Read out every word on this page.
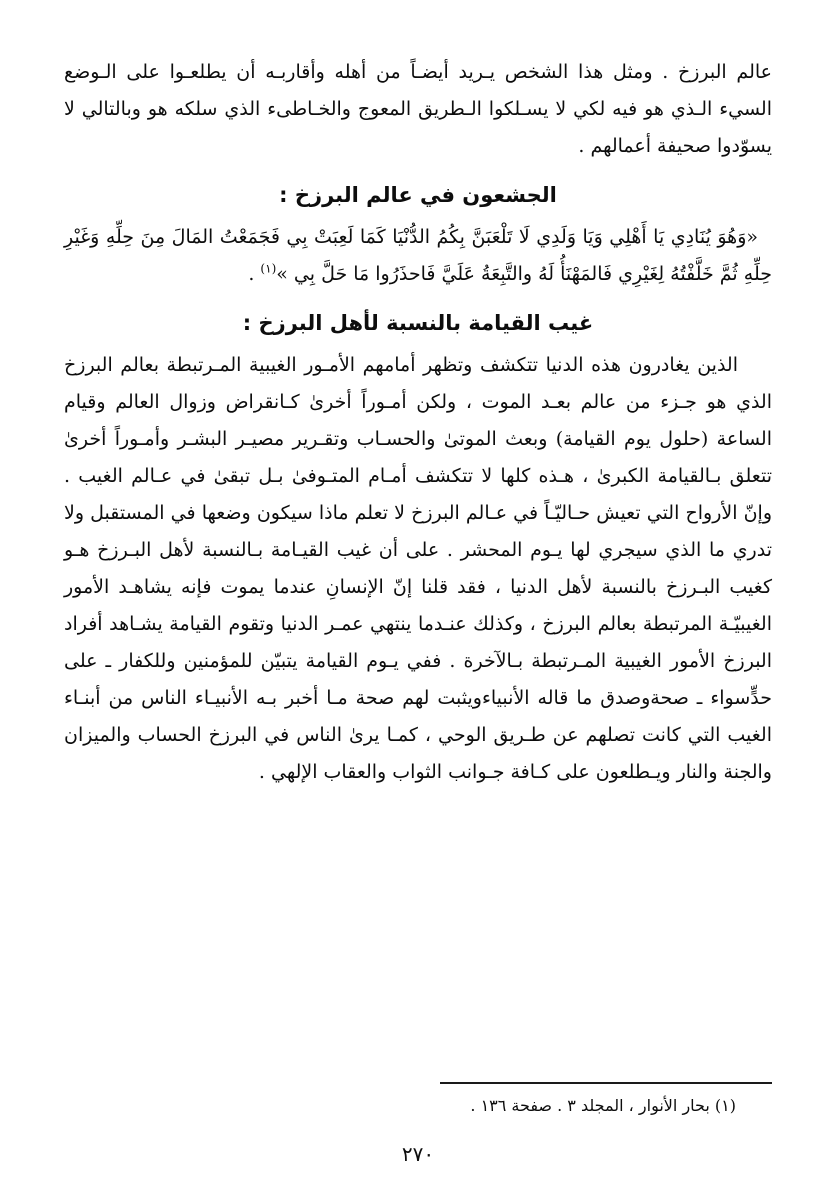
عالم البرزخ . ومثل هذا الشخص يـريد أيضـاً من أهله وأقاربـه أن يطلعـوا على الـوضع السيء الـذي هو فيه لكي لا يسـلكوا الـطريق المعوج والخـاطىء الذي سلكه هو وبالتالي لا يسوّدوا صحيفة أعمالهم .

الجشعون في عالم البرزخ :

«وَهُوَ يُنَادِي يَا أَهْلِي وَيَا وَلَدِي لَا تَلْعَبَنَّ بِكُمُ الدُّنْيَا كَمَا لَعِبَتْ بِي فَجَمَعْتُ المَالَ مِنَ حِلِّهِ وَغَيْرِ حِلِّهِ ثُمَّ خَلَّفْتُهُ لِغَيْرِي فَالمَهْنَأُ لَهُ والتَّبِعَةُ عَلَيَّ فَاحذَرُوا مَا حَلَّ بِي »$^{(١)}$ .

غيب القيامة بالنسبة لأهل البرزخ :

الذين يغادرون هذه الدنيا تتكشف وتظهر أمامهم الأمـور الغيبية المـرتبطة بعالم البرزخ الذي هو جـزء من عالم بعـد الموت ، ولكن أمـوراً أخرىٰ كـانقراض وزوال العالم وقيام الساعة (حلول يوم القيامة) وبعث الموتىٰ والحسـاب وتقـرير مصيـر البشـر وأمـوراً أخرىٰ تتعلق بـالقيامة الكبرىٰ ، هـذه كلها لا تتكشف أمـام المتـوفىٰ بـل تبقىٰ في عـالم الغيب . وإنّ الأرواح التي تعيش حـاليّـاً في عـالم البرزخ لا تعلم ماذا سيكون وضعها في المستقبل ولا تدري ما الذي سيجري لها يـوم المحشر . على أن غيب القيـامة بـالنسبة لأهل البـرزخ هـو كغيب البـرزخ بالنسبة لأهل الدنيا ، فقد قلنا إنّ الإنسانِ عندما يموت فإنه يشاهـد الأمور الغيبيّـة المرتبطة بعالم البرزخ ، وكذلك عنـدما ينتهي عمـر الدنيا وتقوم القيامة يشـاهد أفراد البرزخ الأمور الغيبية المـرتبطة بـالآخرة . ففي يـوم القيامة يتبيّن للمؤمنين وللكفار ـ على حدٍّسواء ـ صحةوصدق ما قاله الأنبياءويثبت لهم صحة مـا أخبر بـه الأنبيـاء الناس من أبنـاء الغيب التي كانت تصلهم عن طـريق الوحي ، كمـا يرىٰ الناس في البرزخ الحساب والميزان والجنة والنار ويـطلعون على كـافة جـوانب الثواب والعقاب الإلهي .

(١) بحار الأنوار ، المجلد ٣ . صفحة ١٣٦ .

٢٧٠
